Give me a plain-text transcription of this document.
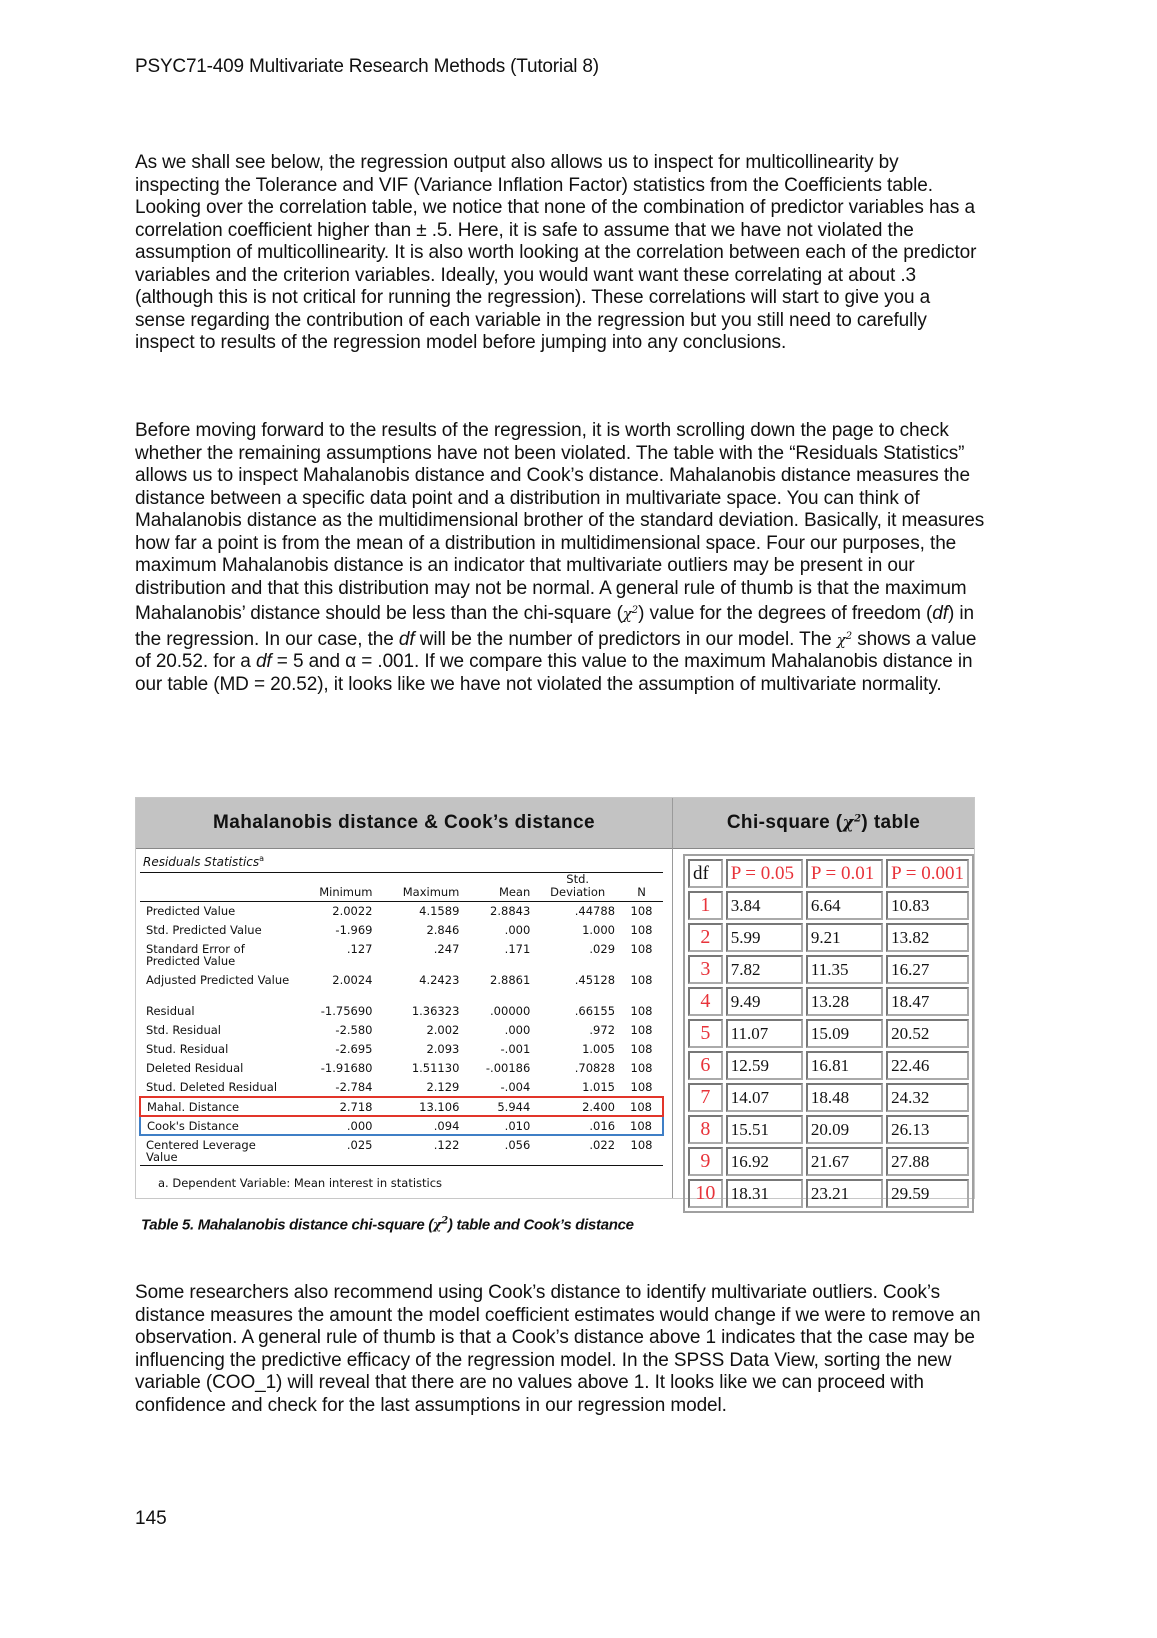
PSYC71-409 Multivariate Research Methods (Tutorial 8)
As we shall see below, the regression output also allows us to inspect for multicollinearity by inspecting the Tolerance and VIF (Variance Inflation Factor) statistics from the Coefficients table. Looking over the correlation table, we notice that none of the combination of predictor variables has a correlation coefficient higher than ± .5. Here, it is safe to assume that we have not violated the assumption of multicollinearity. It is also worth looking at the correlation between each of the predictor variables and the criterion variables. Ideally, you would want want these correlating at about .3 (although this is not critical for running the regression). These correlations will start to give you a sense regarding the contribution of each variable in the regression but you still need to carefully inspect to results of the regression model before jumping into any conclusions.
Before moving forward to the results of the regression, it is worth scrolling down the page to check whether the remaining assumptions have not been violated. The table with the “Residuals Statistics” allows us to inspect Mahalanobis distance and Cook’s distance. Mahalanobis distance measures the distance between a specific data point and a distribution in multivariate space. You can think of Mahalanobis distance as the multidimensional brother of the standard deviation. Basically, it measures how far a point is from the mean of a distribution in multidimensional space. Four our purposes, the maximum Mahalanobis distance is an indicator that multivariate outliers may be present in our distribution and that this distribution may not be normal. A general rule of thumb is that the maximum Mahalanobis’ distance should be less than the chi-square $(\chi^2)$ value for the degrees of freedom (df) in the regression. In our case, the df will be the number of predictors in our model. The $\chi^2$ shows a value of 20.52. for a df = 5 and α = .001. If we compare this value to the maximum Mahalanobis distance in our table (MD = 20.52), it looks like we have not violated the assumption of multivariate normality.
Mahalanobis distance & Cook’s distance
Residuals Statistics$^a$
	Minimum	Maximum	Mean	Std.
Deviation	N
Predicted Value	2.0022	4.1589	2.8843	.44788	108
Std. Predicted Value	-1.969	2.846	.000	1.000	108
Standard Error of Predicted Value	.127	.247	.171	.029	108
Adjusted Predicted Value	2.0024	4.2423	2.8861	.45128	108
Residual	-1.75690	1.36323	.00000	.66155	108
Std. Residual	-2.580	2.002	.000	.972	108
Stud. Residual	-2.695	2.093	-.001	1.005	108
Deleted Residual	-1.91680	1.51130	-.00186	.70828	108
Stud. Deleted Residual	-2.784	2.129	-.004	1.015	108
Mahal. Distance	2.718	13.106	5.944	2.400	108
Cook's Distance	.000	.094	.010	.016	108
Centered Leverage Value	.025	.122	.056	.022	108
a. Dependent Variable: Mean interest in statistics
Chi-square ( $\chi^2$ ) table
df	P = 0.05	P = 0.01	P = 0.001
1	3.84	6.64	10.83
2	5.99	9.21	13.82
3	7.82	11.35	16.27
4	9.49	13.28	18.47
5	11.07	15.09	20.52
6	12.59	16.81	22.46
7	14.07	18.48	24.32
8	15.51	20.09	26.13
9	16.92	21.67	27.88
10	18.31	23.21	29.59
Table 5. Mahalanobis distance chi-square $(\chi^2)$ table and Cook’s distance
Some researchers also recommend using Cook’s distance to identify multivariate outliers. Cook’s distance measures the amount the model coefficient estimates would change if we were to remove an observation. A general rule of thumb is that a Cook’s distance above 1 indicates that the case may be influencing the predictive efficacy of the regression model. In the SPSS Data View, sorting the new variable (COO_1) will reveal that there are no values above 1. It looks like we can proceed with confidence and check for the last assumptions in our regression model.
145
